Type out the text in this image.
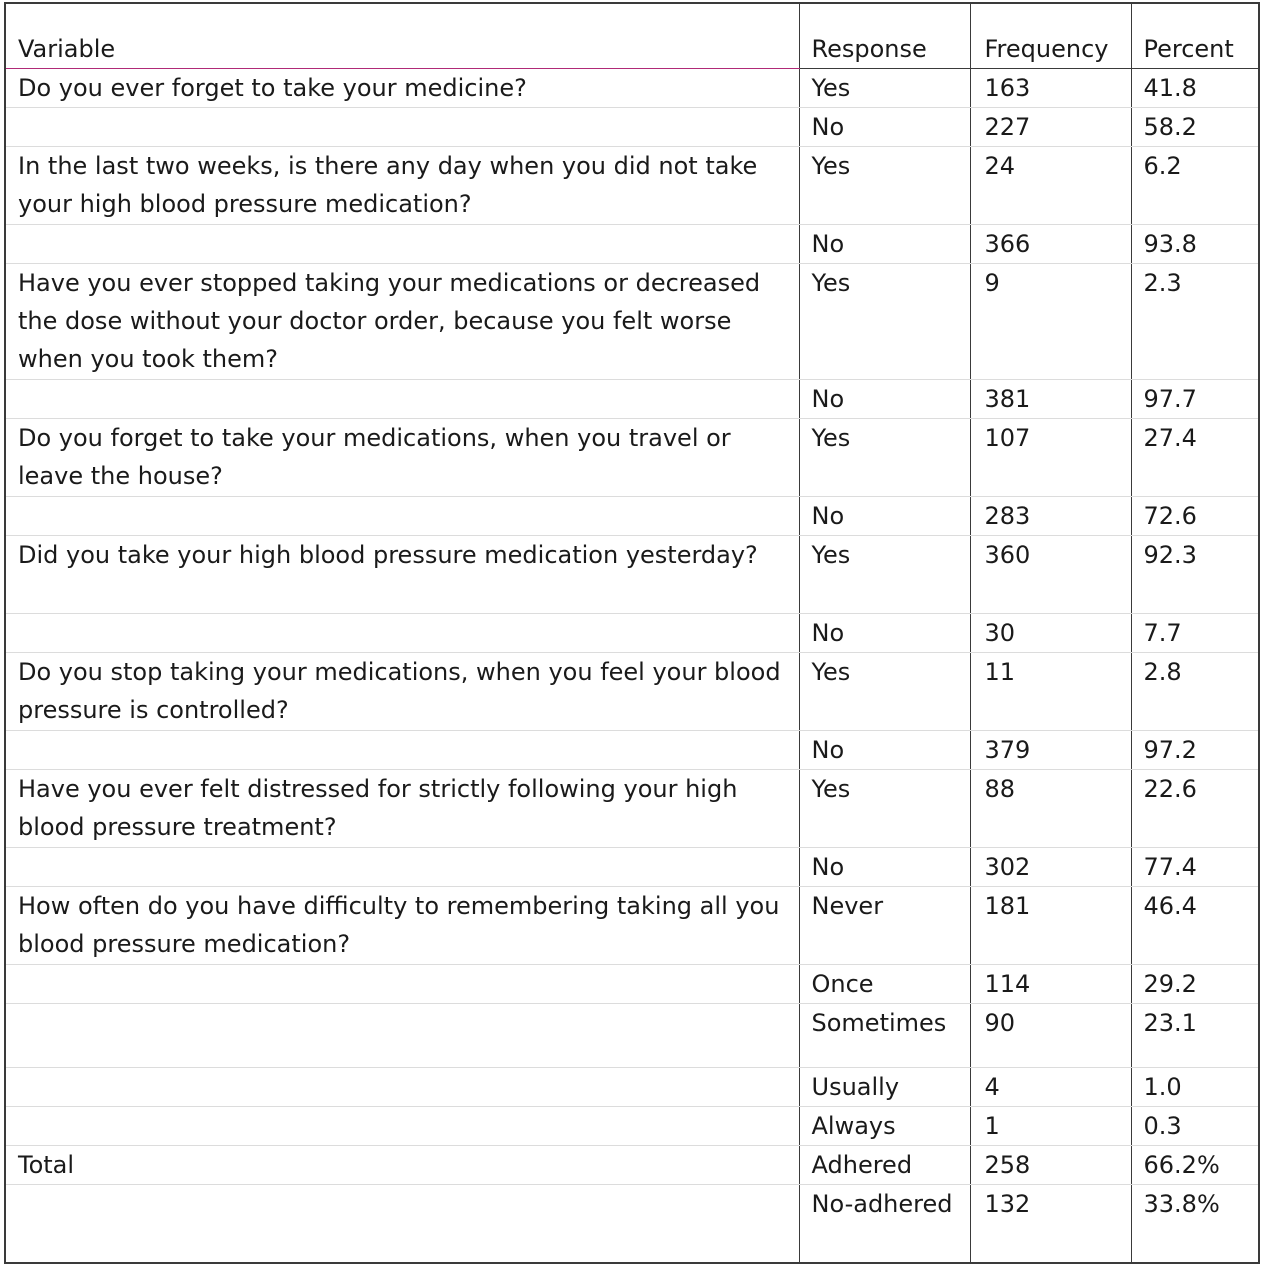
Variable	Response	Frequency	Percent
Do you ever forget to take your medicine?	Yes	163	41.8
	No	227	58.2
In the last two weeks, is there any day when you did not take your high blood pressure medication?	Yes	24	6.2
	No	366	93.8
Have you ever stopped taking your medications or decreased the dose without your doctor order, because you felt worse when you took them?	Yes	9	2.3
	No	381	97.7
Do you forget to take your medications, when you travel or leave the house?	Yes	107	27.4
	No	283	72.6
Did you take your high blood pressure medication yesterday?	Yes	360	92.3
	No	30	7.7
Do you stop taking your medications, when you feel your blood pressure is controlled?	Yes	11	2.8
	No	379	97.2
Have you ever felt distressed for strictly following your high blood pressure treatment?	Yes	88	22.6
	No	302	77.4
How often do you have difficulty to remembering taking all you blood pressure medication?	Never	181	46.4
	Once	114	29.2
	Sometimes	90	23.1
	Usually	4	1.0
	Always	1	0.3
Total	Adhered	258	66.2%
	No-adhered	132	33.8%
